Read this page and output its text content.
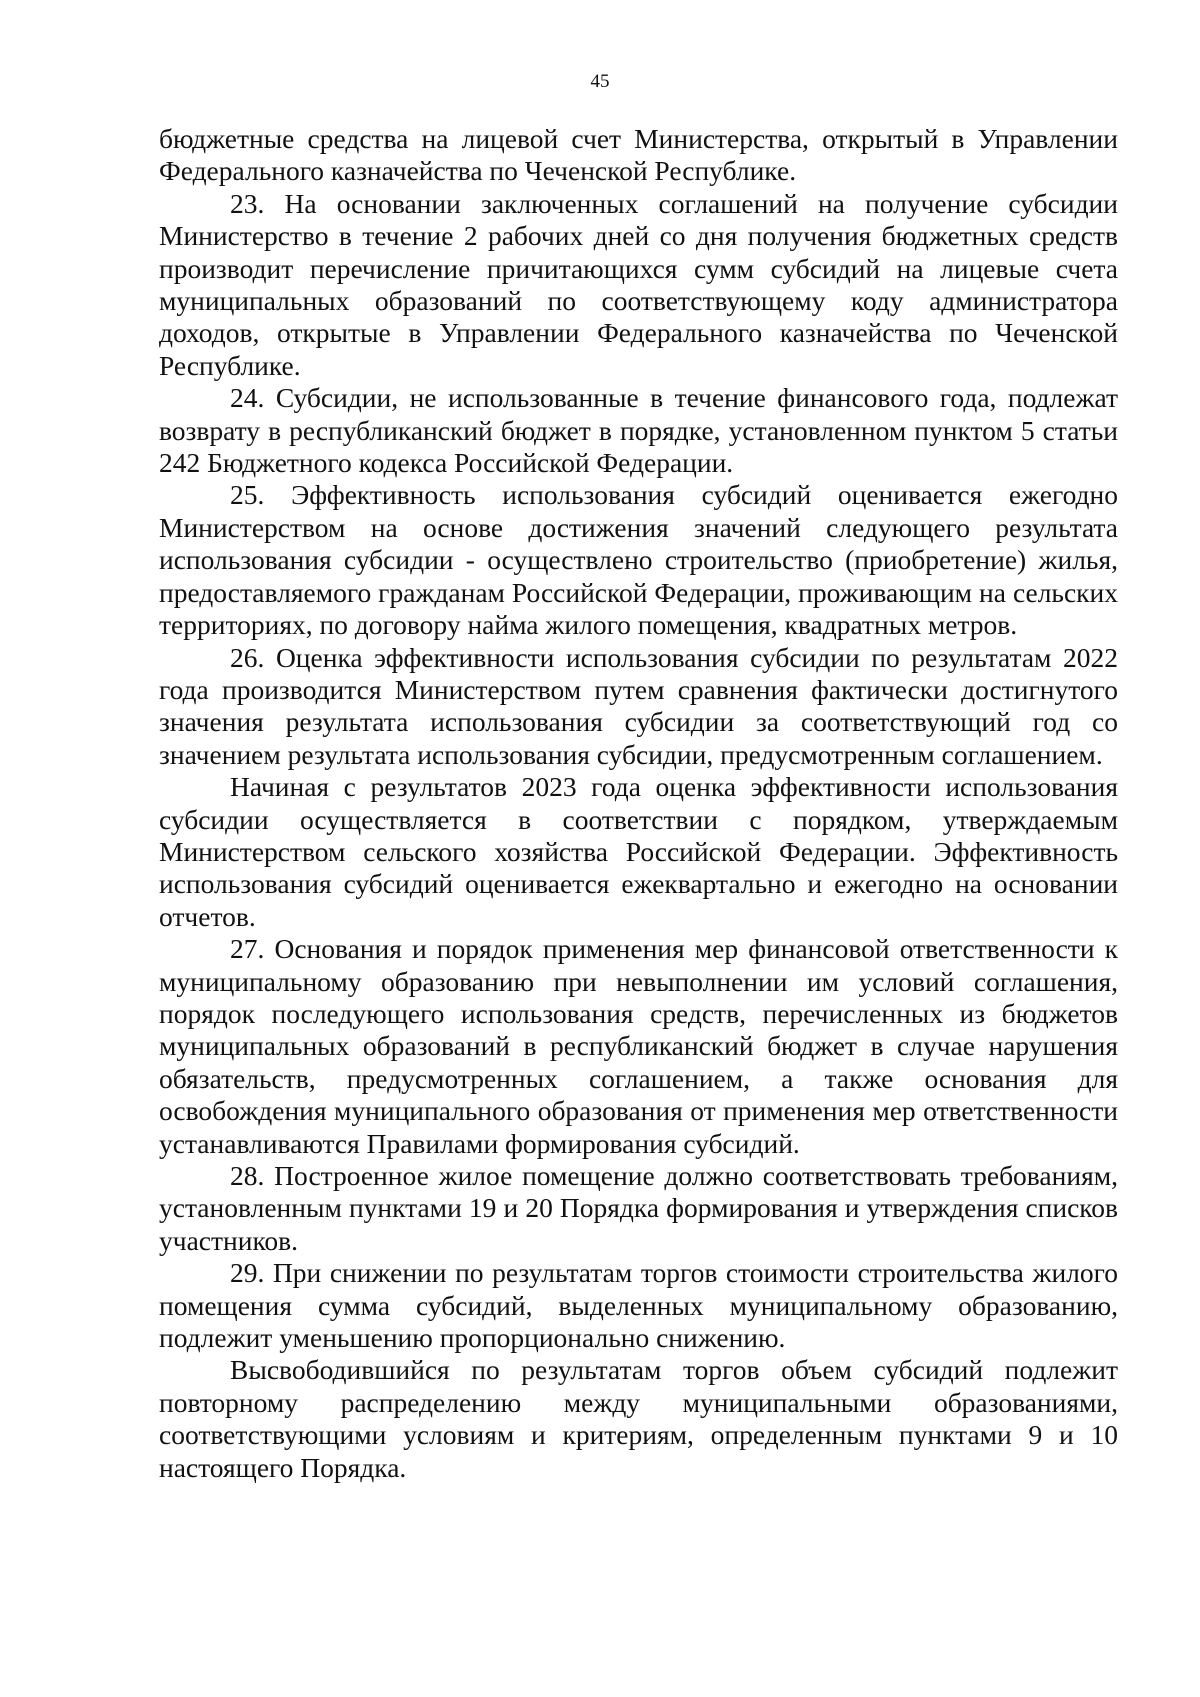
45

бюджетные средства на лицевой счет Министерства, открытый в Управлении Федерального казначейства по Чеченской Республике.

23. На основании заключенных соглашений на получение субсидии Министерство в течение 2 рабочих дней со дня получения бюджетных средств производит перечисление причитающихся сумм субсидий на лицевые счета муниципальных образований по соответствующему коду администратора доходов, открытые в Управлении Федерального казначейства по Чеченской Республике.

24. Субсидии, не использованные в течение финансового года, подлежат возврату в республиканский бюджет в порядке, установленном пунктом 5 статьи 242 Бюджетного кодекса Российской Федерации.

25. Эффективность использования субсидий оценивается ежегодно Министерством на основе достижения значений следующего результата использования субсидии - осуществлено строительство (приобретение) жилья, предоставляемого гражданам Российской Федерации, проживающим на сельских территориях, по договору найма жилого помещения, квадратных метров.

26. Оценка эффективности использования субсидии по результатам 2022 года производится Министерством путем сравнения фактически достигнутого значения результата использования субсидии за соответствующий год со значением результата использования субсидии, предусмотренным соглашением.

Начиная с результатов 2023 года оценка эффективности использования субсидии осуществляется в соответствии с порядком, утверждаемым Министерством сельского хозяйства Российской Федерации. Эффективность использования субсидий оценивается ежеквартально и ежегодно на основании отчетов.

27. Основания и порядок применения мер финансовой ответственности к муниципальному образованию при невыполнении им условий соглашения, порядок последующего использования средств, перечисленных из бюджетов муниципальных образований в республиканский бюджет в случае нарушения обязательств, предусмотренных соглашением, а также основания для освобождения муниципального образования от применения мер ответственности устанавливаются Правилами формирования субсидий.

28. Построенное жилое помещение должно соответствовать требованиям, установленным пунктами 19 и 20 Порядка формирования и утверждения списков участников.

29. При снижении по результатам торгов стоимости строительства жилого помещения сумма субсидий, выделенных муниципальному образованию, подлежит уменьшению пропорционально снижению.

Высвободившийся по результатам торгов объем субсидий подлежит повторному распределению между муниципальными образованиями, соответствующими условиям и критериям, определенным пунктами 9 и 10 настоящего Порядка.
